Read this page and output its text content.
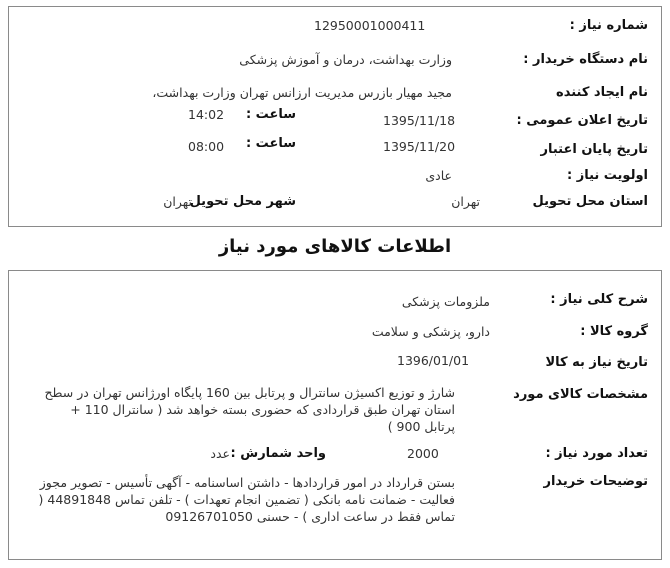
شماره نیاز :
12950001000411
نام دستگاه خریدار :
وزارت بهداشت، درمان و آموزش پزشکی
نام ایجاد کننده
مجید مهیار بازرس مدیریت ارزانس تهران وزارت بهداشت،
تاریخ اعلان عمومی :
1395/11/18
ساعت :
14:02
تاریخ پایان اعتبار
1395/11/20
ساعت :
08:00
اولویت نیاز :
عادی
استان محل تحویل
تهران
شهر محل تحویل
تهران
اطلاعات کالاهای مورد نیاز
شرح کلی نیاز :
ملزومات پزشکی
گروه کالا :
دارو، پزشکی و سلامت
تاریخ نیاز به کالا
1396/01/01
مشخصات کالای مورد
شارژ و توزیع اکسیژن سانترال و پرتابل بین 160 پایگاه اورژانس تهران در سطح
استان تهران طبق قراردادی که حضوری بسته خواهد شد ( سانترال 110 +
پرتابل 900 )
تعداد مورد نیاز :
2000
واحد شمارش :
عدد
توضیحات خریدار
بستن قرارداد در امور قراردادها - داشتن اساسنامه - آگهی تأسیس - تصویر مجوز
فعالیت - ضمانت نامه بانکی ( تضمین انجام تعهدات ) - تلفن تماس 44891848 (
تماس فقط در ساعت اداری ) - حسنی 09126701050
